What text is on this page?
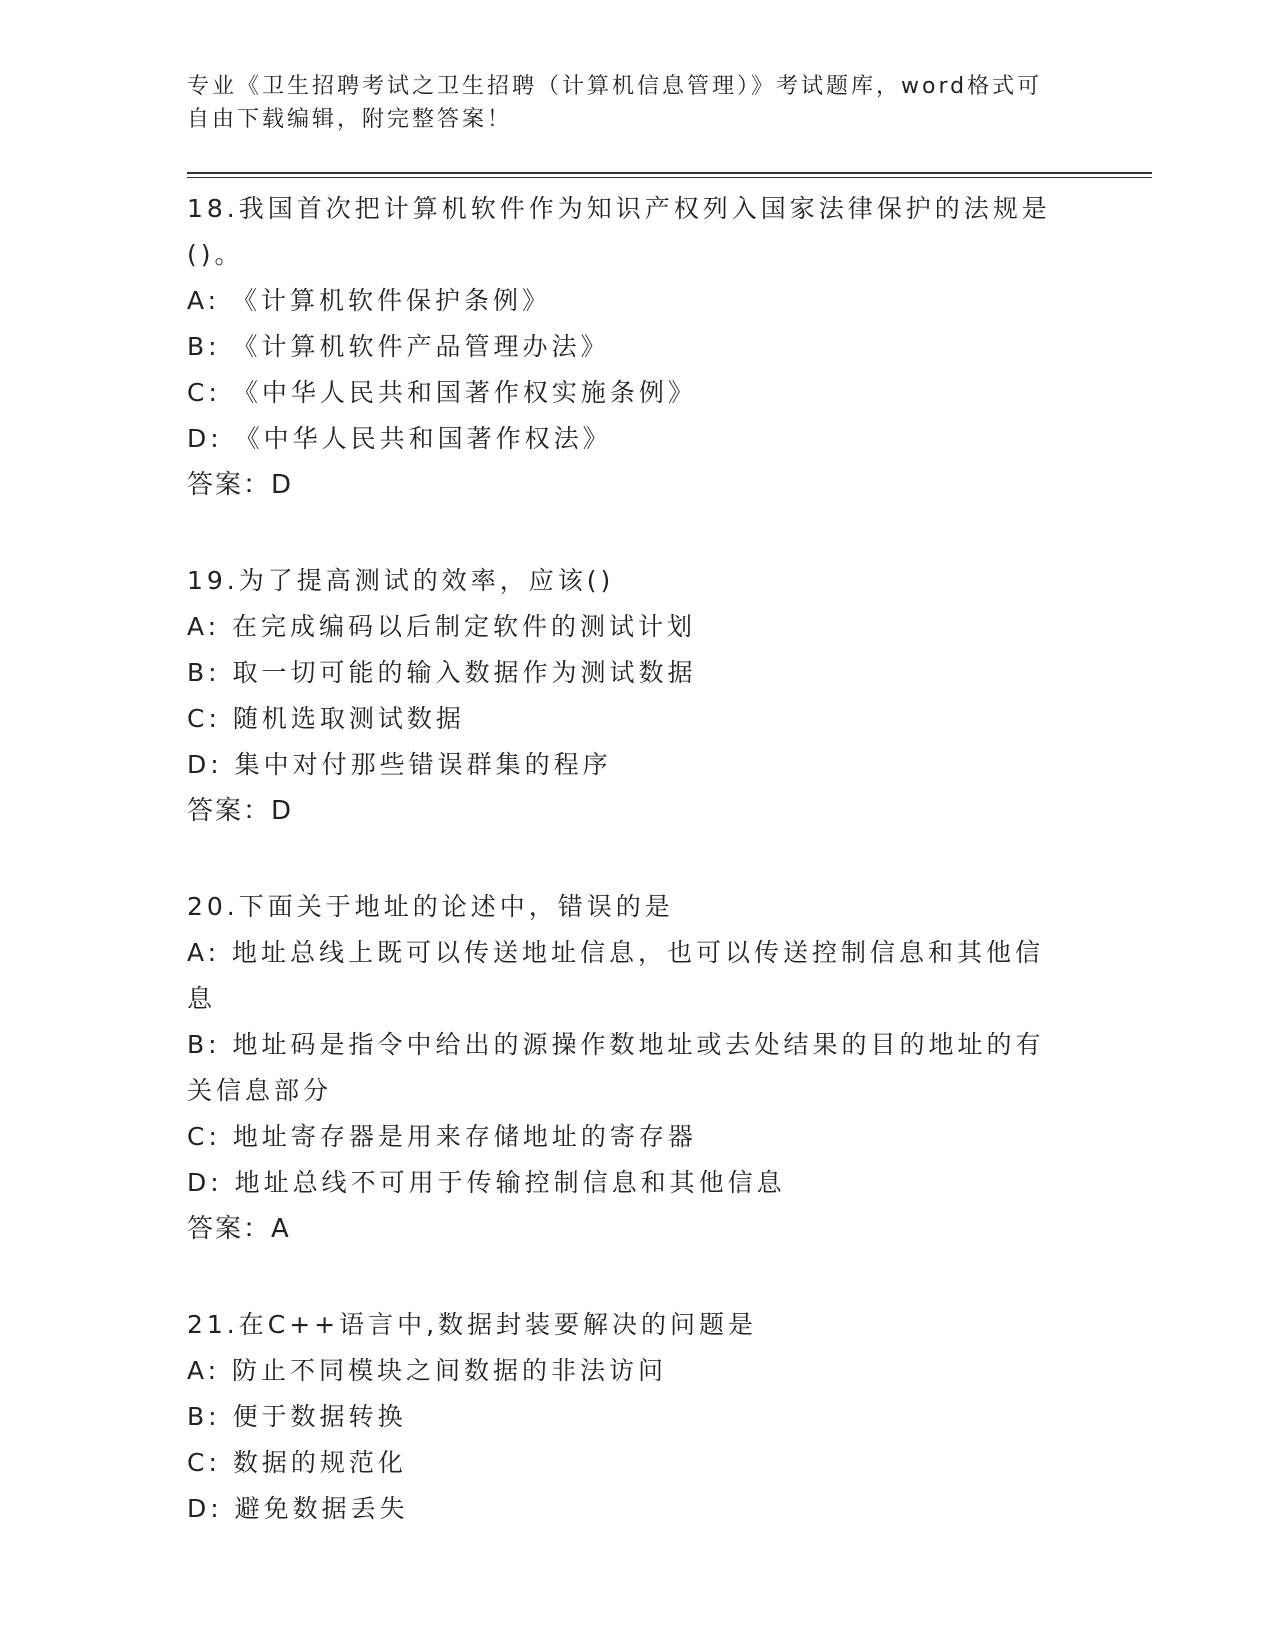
专业《卫生招聘考试之卫生招聘（计算机信息管理）》考试题库，word格式可自由下载编辑，附完整答案！

18.我国首次把计算机软件作为知识产权列入国家法律保护的法规是()。

A: 《计算机软件保护条例》

B: 《计算机软件产品管理办法》

C: 《中华人民共和国著作权实施条例》

D: 《中华人民共和国著作权法》

答案：D

19.为了提高测试的效率，应该()

A: 在完成编码以后制定软件的测试计划

B: 取一切可能的输入数据作为测试数据

C: 随机选取测试数据

D: 集中对付那些错误群集的程序

答案：D

20.下面关于地址的论述中，错误的是

A: 地址总线上既可以传送地址信息，也可以传送控制信息和其他信息

B: 地址码是指令中给出的源操作数地址或去处结果的目的地址的有关信息部分

C: 地址寄存器是用来存储地址的寄存器

D: 地址总线不可用于传输控制信息和其他信息

答案：A

21.在C++语言中,数据封装要解决的问题是

A: 防止不同模块之间数据的非法访问

B: 便于数据转换

C: 数据的规范化

D: 避免数据丢失
